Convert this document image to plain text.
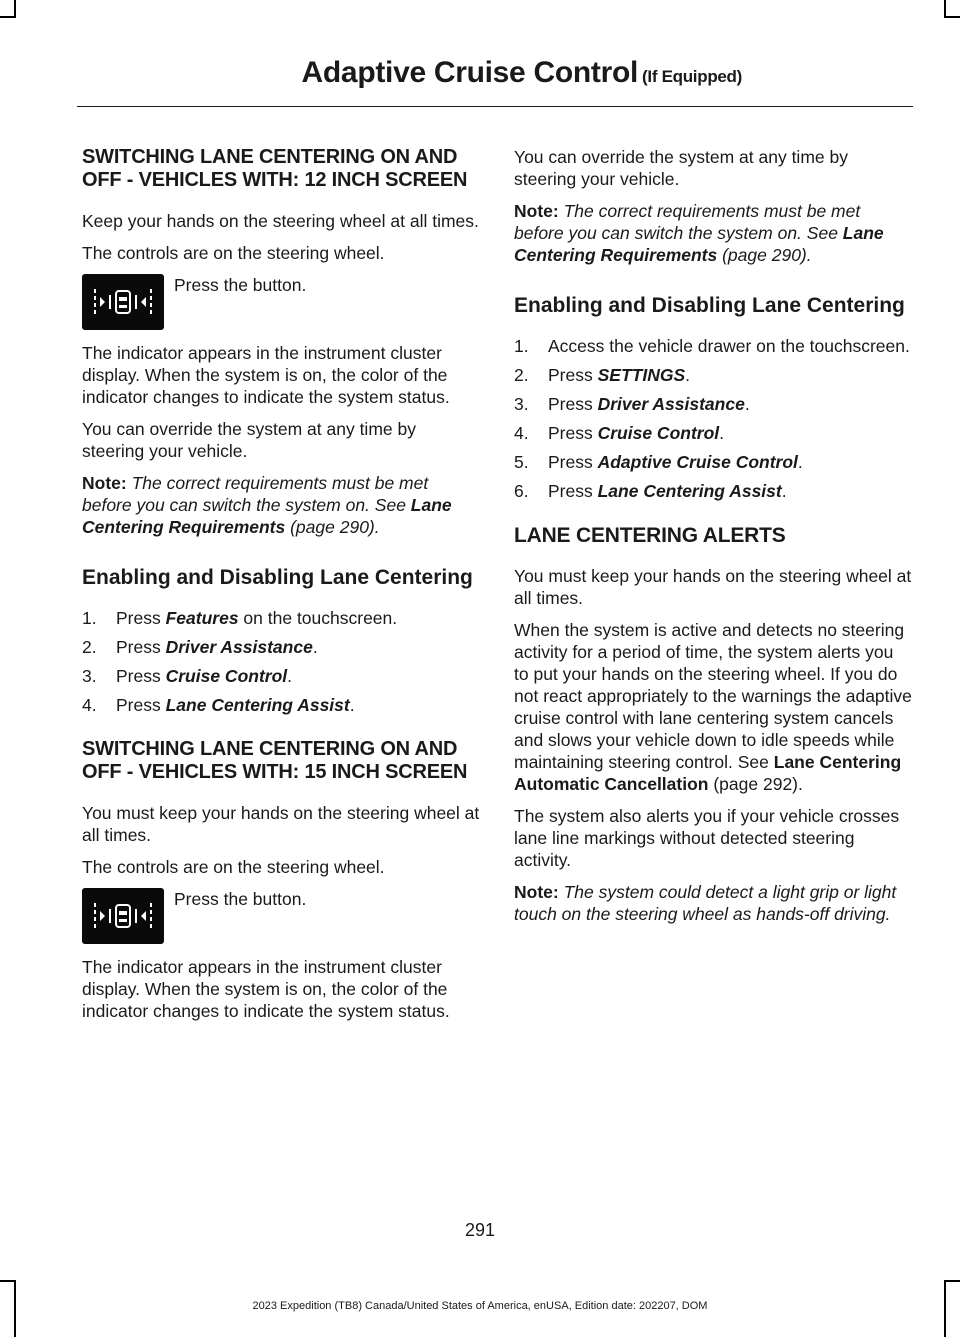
Adaptive Cruise Control (If Equipped)
SWITCHING LANE CENTERING ON AND OFF - VEHICLES WITH: 12 INCH SCREEN

Keep your hands on the steering wheel at all times.

The controls are on the steering wheel.

Press the button.

The indicator appears in the instrument cluster display. When the system is on, the color of the indicator changes to indicate the system status.

You can override the system at any time by steering your vehicle.

Note: The correct requirements must be met before you can switch the system on. See Lane Centering Requirements (page 290).

Enabling and Disabling Lane Centering
1.	Press Features on the touchscreen.
2.	Press Driver Assistance.
3.	Press Cruise Control.
4.	Press Lane Centering Assist.
SWITCHING LANE CENTERING ON AND OFF - VEHICLES WITH: 15 INCH SCREEN

You must keep your hands on the steering wheel at all times.

The controls are on the steering wheel.

Press the button.

The indicator appears in the instrument cluster display. When the system is on, the color of the indicator changes to indicate the system status.

You can override the system at any time by steering your vehicle.

Note: The correct requirements must be met before you can switch the system on. See Lane Centering Requirements (page 290).

Enabling and Disabling Lane Centering
1.	Access the vehicle drawer on the touchscreen.
2.	Press SETTINGS.
3.	Press Driver Assistance.
4.	Press Cruise Control.
5.	Press Adaptive Cruise Control.
6.	Press Lane Centering Assist.
LANE CENTERING ALERTS

You must keep your hands on the steering wheel at all times.

When the system is active and detects no steering activity for a period of time, the system alerts you to put your hands on the steering wheel. If you do not react appropriately to the warnings the adaptive cruise control with lane centering system cancels and slows your vehicle down to idle speeds while maintaining steering control. See Lane Centering Automatic Cancellation (page 292).

The system also alerts you if your vehicle crosses lane line markings without detected steering activity.

Note: The system could detect a light grip or light touch on the steering wheel as hands-off driving.

291
2023 Expedition (TB8) Canada/United States of America, enUSA, Edition date: 202207, DOM
